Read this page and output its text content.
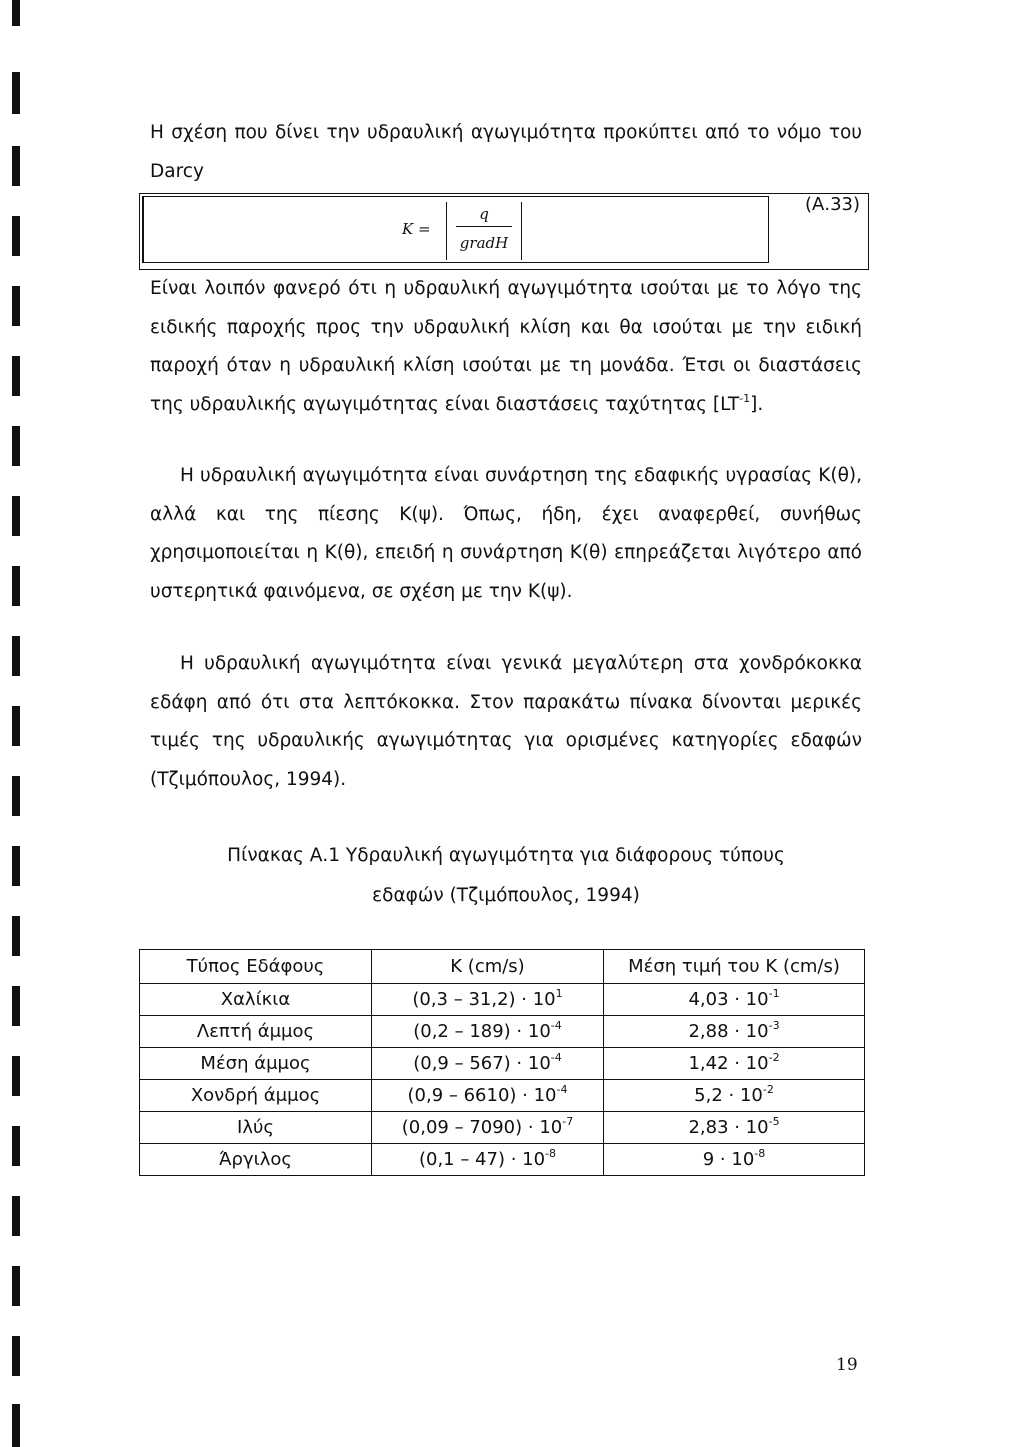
Η σχέση που δίνει την υδραυλική αγωγιμότητα προκύπτει από το νόμο του Darcy

K =
q
gradH
(Α.33)

Είναι λοιπόν φανερό ότι η υδραυλική αγωγιμότητα ισούται με το λόγο της ειδικής παροχής προς την υδραυλική κλίση και θα ισούται με την ειδική παροχή όταν η υδραυλική κλίση ισούται με τη μονάδα. Έτσι οι διαστάσεις της υδραυλικής αγωγιμότητας είναι διαστάσεις ταχύτητας $[LT^{-1}]$.

Η υδραυλική αγωγιμότητα είναι συνάρτηση της εδαφικής υγρασίας Κ(θ), αλλά και της πίεσης Κ(ψ). Όπως, ήδη, έχει αναφερθεί, συνήθως χρησιμοποιείται η Κ(θ), επειδή η συνάρτηση Κ(θ) επηρεάζεται λιγότερο από υστερητικά φαινόμενα, σε σχέση με την Κ(ψ).

Η υδραυλική αγωγιμότητα είναι γενικά μεγαλύτερη στα χονδρόκοκκα εδάφη από ότι στα λεπτόκοκκα. Στον παρακάτω πίνακα δίνονται μερικές τιμές της υδραυλικής αγωγιμότητας για ορισμένες κατηγορίες εδαφών (Τζιμόπουλος, 1994).

Πίνακας Α.1 Υδραυλική αγωγιμότητα για διάφορους τύπους
εδαφών (Τζιμόπουλος, 1994)
Τύπος Εδάφους	K (cm/s)	Μέση τιμή του K (cm/s)
Χαλίκια	$(0,3 - 31,2) \cdot 10^1$	$4,03 \cdot 10^{-1}$
Λεπτή άμμος	$(0,2 - 189) \cdot 10^{-4}$	$2,88 \cdot 10^{-3}$
Μέση άμμος	$(0,9 - 567) \cdot 10^{-4}$	$1,42 \cdot 10^{-2}$
Χονδρή άμμος	$(0,9 - 6610) \cdot 10^{-4}$	$5,2 \cdot 10^{-2}$
Ιλύς	$(0,09 - 7090) \cdot 10^{-7}$	$2,83 \cdot 10^{-5}$
Άργιλος	$(0,1 - 47) \cdot 10^{-8}$	$9 \cdot 10^{-8}$
19
